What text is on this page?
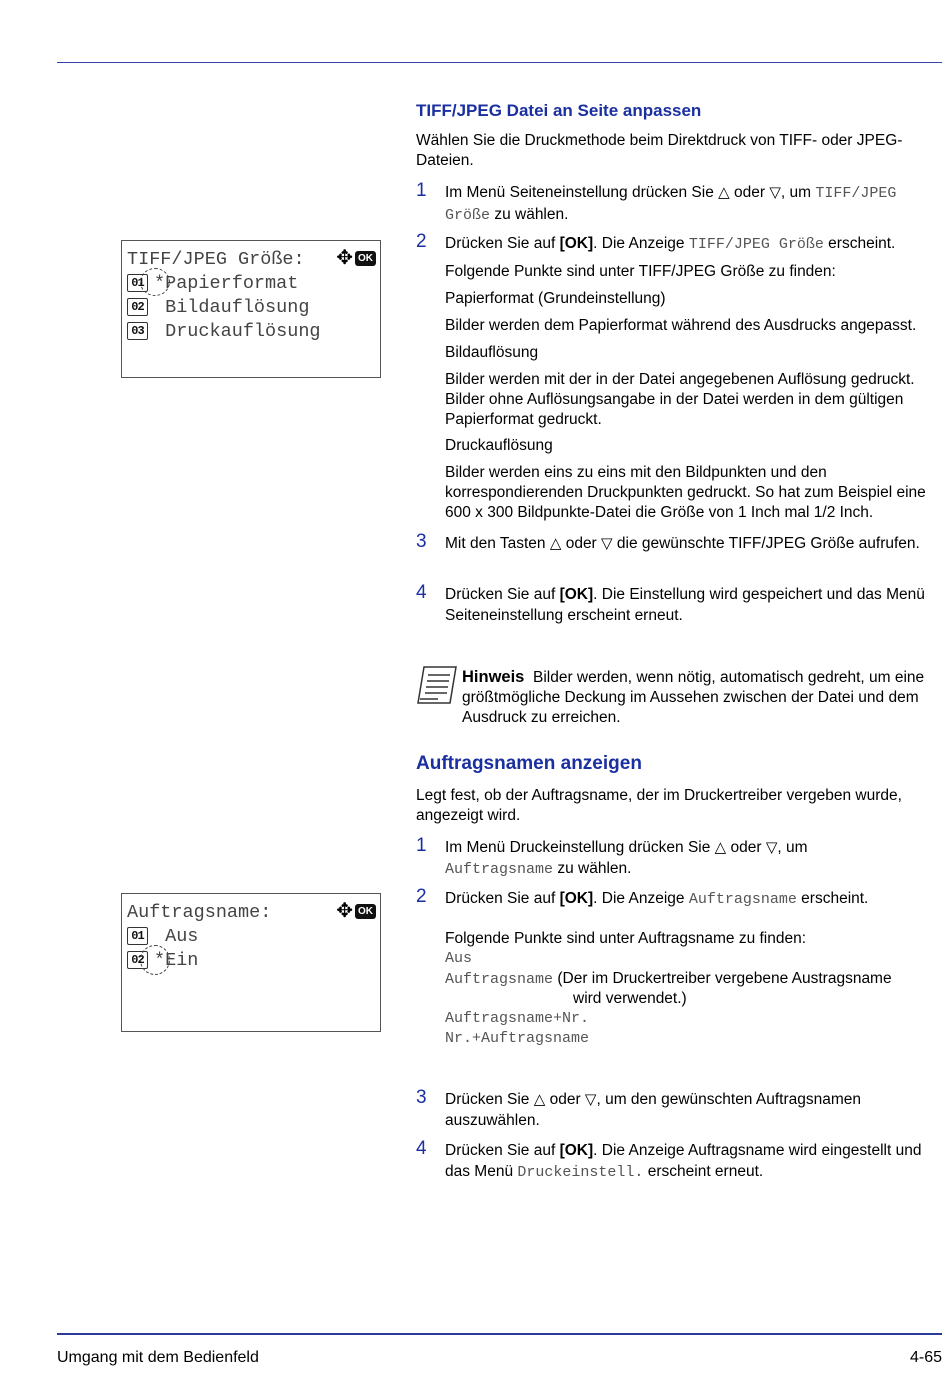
TIFF/JPEG Datei an Seite anpassen
Wählen Sie die Druckmethode beim Direktdruck von TIFF- oder JPEG-Dateien.
1 Im Menü Seiteneinstellung drücken Sie △ oder ▽, um TIFF/JPEG Größe zu wählen.
2 Drücken Sie auf [OK]. Die Anzeige TIFF/JPEG Größe erscheint.
Folgende Punkte sind unter TIFF/JPEG Größe zu finden:
Papierformat (Grundeinstellung)
Bilder werden dem Papierformat während des Ausdrucks angepasst.
Bildauflösung
Bilder werden mit der in der Datei angegebenen Auflösung gedruckt. Bilder ohne Auflösungsangabe in der Datei werden in dem gültigen Papierformat gedruckt.
Druckauflösung
Bilder werden eins zu eins mit den Bildpunkten und den korrespondierenden Druckpunkten gedruckt. So hat zum Beispiel eine 600 x 300 Bildpunkte-Datei die Größe von 1 Inch mal 1/2 Inch.
3 Mit den Tasten △ oder ▽ die gewünschte TIFF/JPEG Größe aufrufen.
4 Drücken Sie auf [OK]. Die Einstellung wird gespeichert und das Menü Seiteneinstellung erscheint erneut.
TIFF/JPEG Größe: ✥ OK
01 *Papierformat
02 Bildauflösung
03 Druckauflösung
Hinweis Bilder werden, wenn nötig, automatisch gedreht, um eine größtmögliche Deckung im Aussehen zwischen der Datei und dem Ausdruck zu erreichen.
Auftragsnamen anzeigen
Legt fest, ob der Auftragsname, der im Druckertreiber vergeben wurde, angezeigt wird.
1 Im Menü Druckeinstellung drücken Sie △ oder ▽, um
Auftragsname zu wählen.
2 Drücken Sie auf [OK]. Die Anzeige Auftragsname erscheint.
Folgende Punkte sind unter Auftragsname zu finden:
Aus
Auftragsname (Der im Druckertreiber vergebene Austragsname
wird verwendet.)
Auftragsname+Nr.
Nr.+Auftragsname
3 Drücken Sie △ oder ▽, um den gewünschten Auftragsnamen auszuwählen.
4 Drücken Sie auf [OK]. Die Anzeige Auftragsname wird eingestellt und das Menü Druckeinstell. erscheint erneut.
Auftragsname:	✥ OK
01 Aus
02 *Ein
Umgang mit dem Bedienfeld	4-65
